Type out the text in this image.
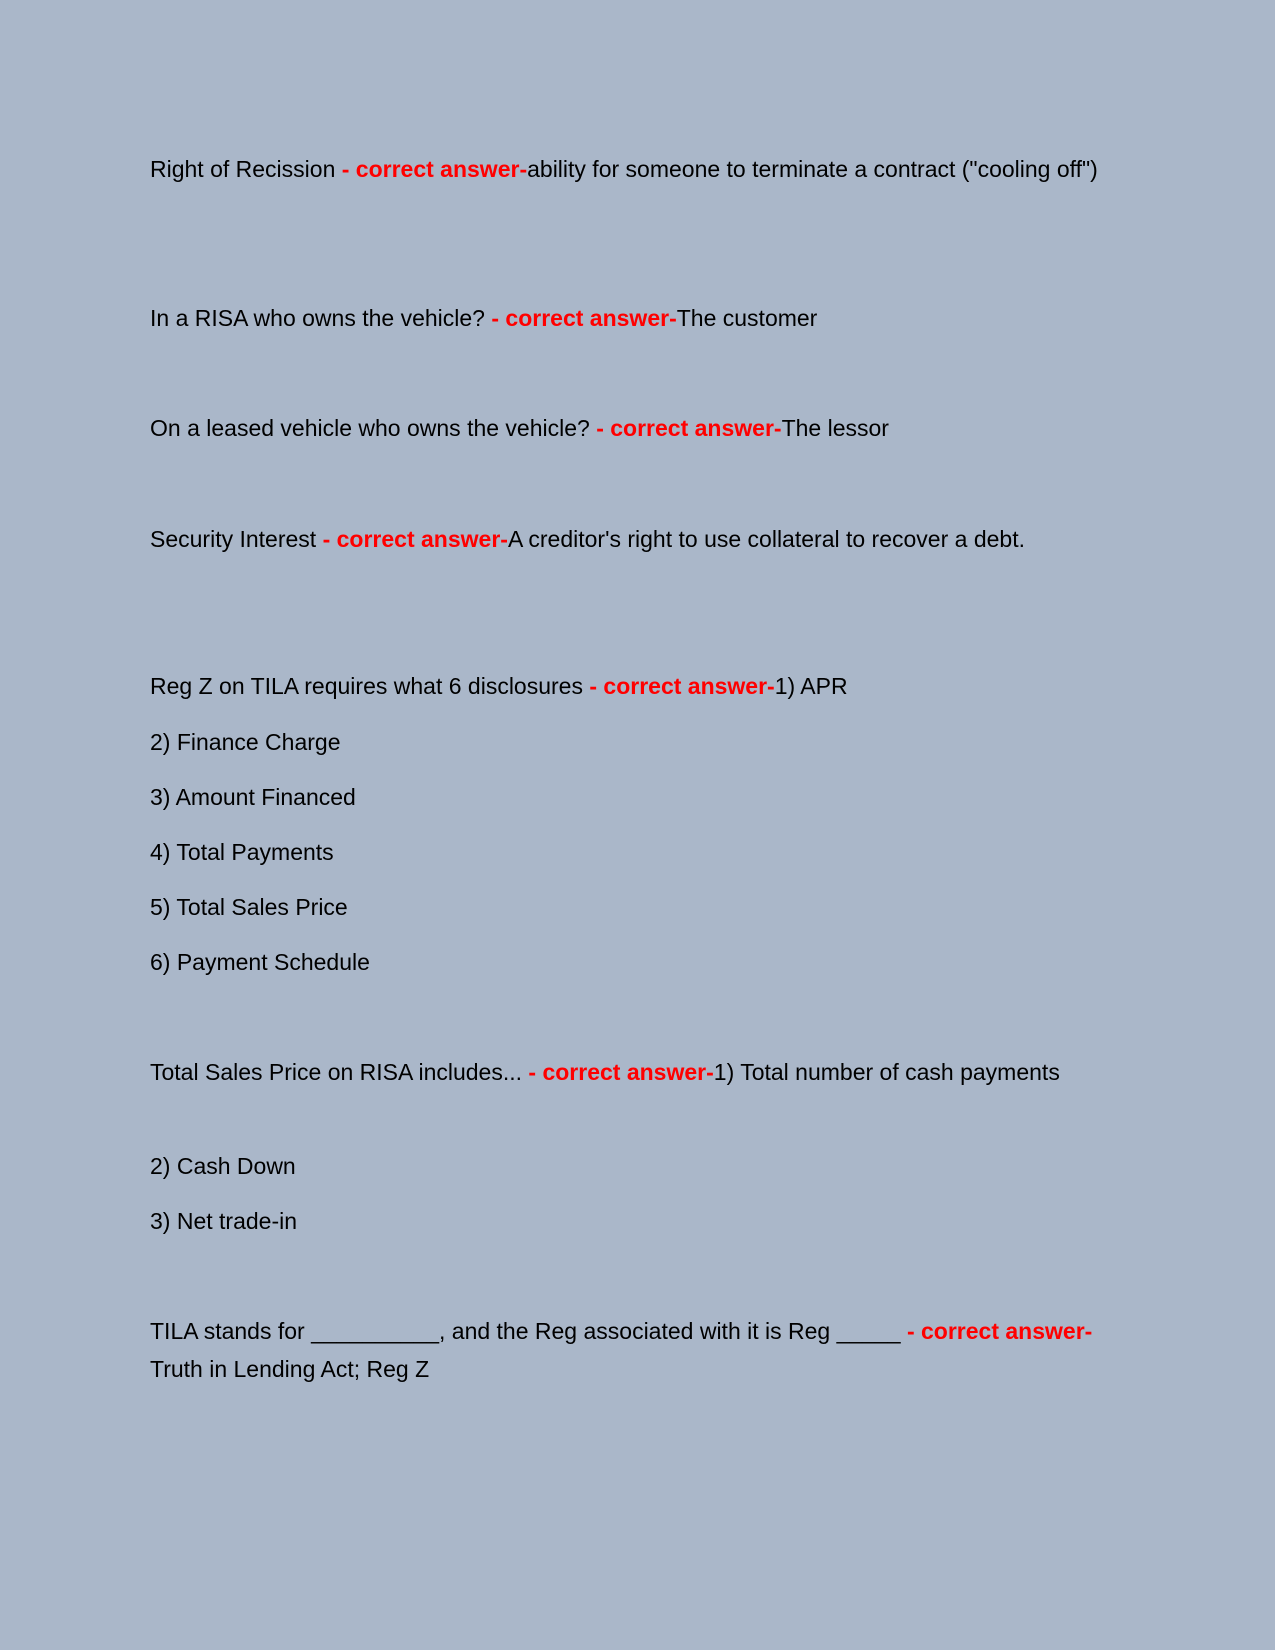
Right of Recission - correct answer-ability for someone to terminate a contract ("cooling off")
In a RISA who owns the vehicle? - correct answer-The customer
On a leased vehicle who owns the vehicle? - correct answer-The lessor
Security Interest - correct answer-A creditor's right to use collateral to recover a debt.
Reg Z on TILA requires what 6 disclosures - correct answer-1) APR
2) Finance Charge
3) Amount Financed
4) Total Payments
5) Total Sales Price
6) Payment Schedule
Total Sales Price on RISA includes... - correct answer-1) Total number of cash payments
2) Cash Down
3) Net trade-in
TILA stands for __________, and the Reg associated with it is Reg _____ - correct answer-Truth in Lending Act; Reg Z
